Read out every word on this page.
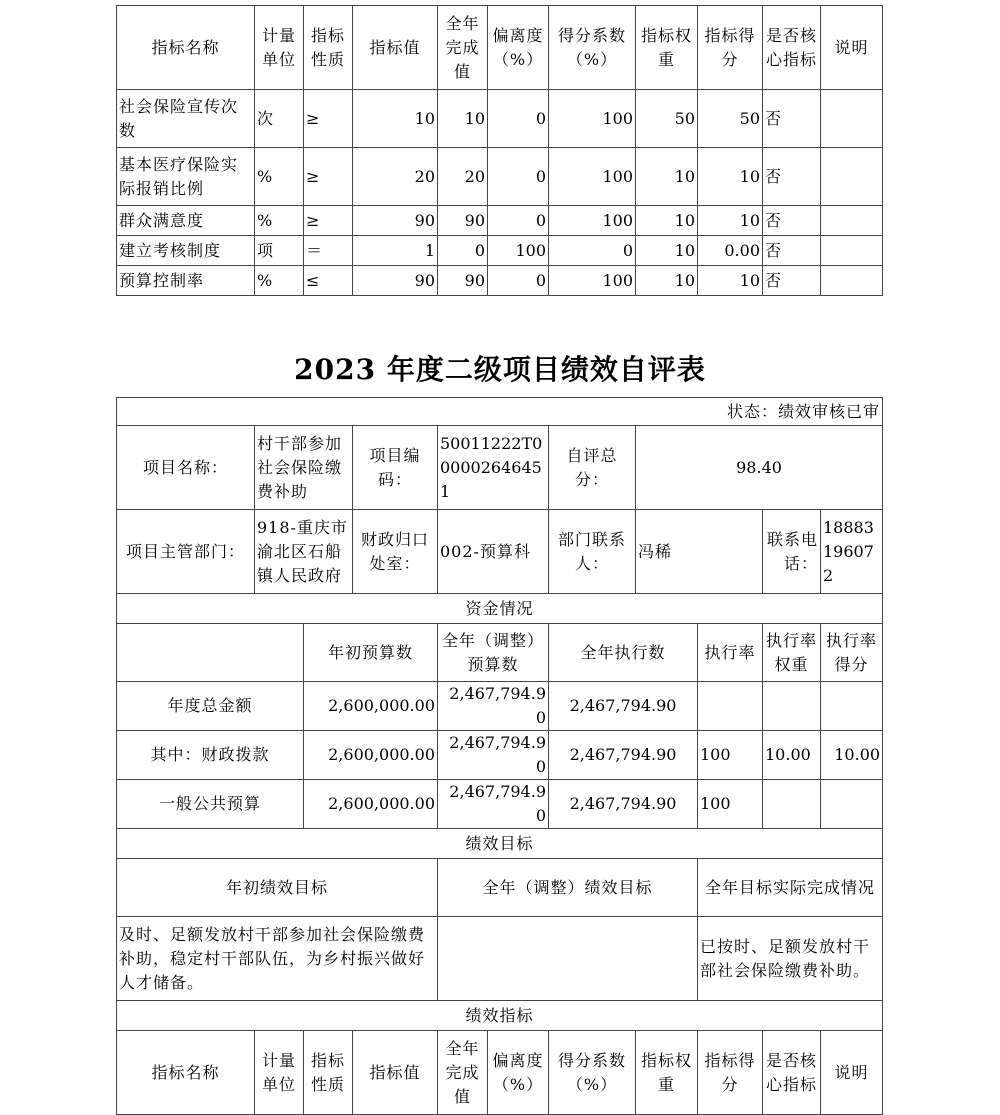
指标名称	计量单位	指标性质	指标值	全年完成值	偏离度（%）	得分系数（%）	指标权重	指标得分	是否核心指标	说明
社会保险宣传次数	次	≥	10	10	0	100	50	50	否	
基本医疗保险实际报销比例	%	≥	20	20	0	100	10	10	否	
群众满意度	%	≥	90	90	0	100	10	10	否	
建立考核制度	项	＝	1	0	100	0	10	0.00	否	
预算控制率	%	≤	90	90	0	100	10	10	否	
2023 年度二级项目绩效自评表
状态：绩效审核已审										
项目名称：	村干部参加社会保险缴费补助		项目编码：	50011222T000002646451		自评总分：	98.40			
项目主管部门：	918-重庆市渝北区石船镇人民政府		财政归口处室：	002-预算科		部门联系人：	冯稀		联系电话：	18883196072
资金情况										
		年初预算数		全年（调整）预算数		全年执行数		执行率	执行率权重	执行率得分
年度总金额		2,600,000.00		2,467,794.90		2,467,794.90				
其中：财政拨款		2,600,000.00		2,467,794.90		2,467,794.90		100	10.00	10.00
一般公共预算		2,600,000.00		2,467,794.90		2,467,794.90		100		
绩效目标										
年初绩效目标				全年（调整）绩效目标				全年目标实际完成情况		
及时、足额发放村干部参加社会保险缴费补助，稳定村干部队伍，为乡村振兴做好人才储备。								已按时、足额发放村干部社会保险缴费补助。		
绩效指标										
指标名称	计量单位	指标性质	指标值	全年完成值	偏离度（%）	得分系数（%）	指标权重	指标得分	是否核心指标	说明
